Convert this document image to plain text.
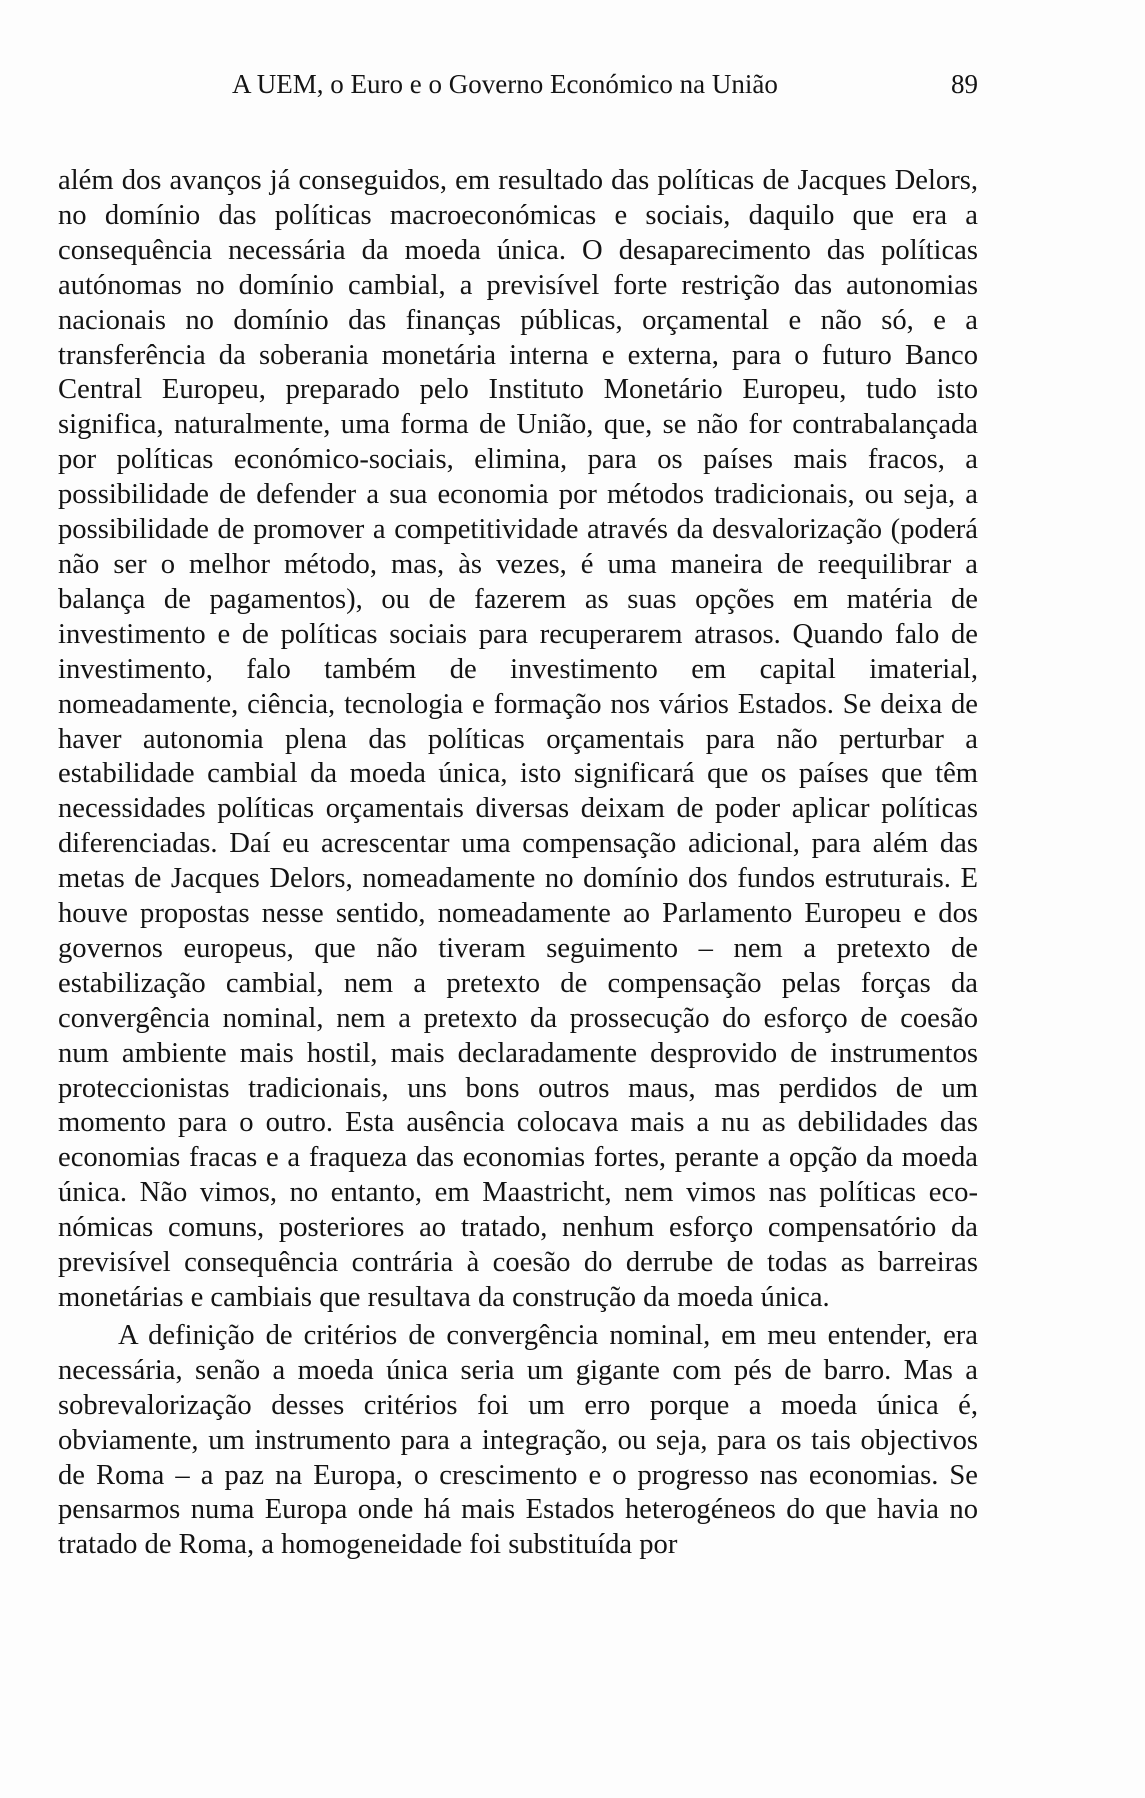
A UEM, o Euro e o Governo Económico na União	89

além dos avanços já conseguidos, em resultado das políticas de Jacques Delors, no domínio das políticas macroeconómicas e sociais, daquilo que era a consequência necessária da moeda única. O desaparecimento das políticas autónomas no domínio cambial, a previsível forte restrição das autonomias nacionais no domínio das finanças públicas, orçamental e não só, e a transferência da soberania monetária interna e externa, para o futuro Banco Central Europeu, preparado pelo Instituto Monetário Europeu, tudo isto significa, naturalmente, uma forma de União, que, se não for contrabalançada por políticas económico-sociais, elimina, para os países mais fracos, a possibilidade de defender a sua economia por métodos tradicionais, ou seja, a possibilidade de promover a competitividade através da desvalorização (poderá não ser o melhor método, mas, às vezes, é uma maneira de reequilibrar a balança de pagamentos), ou de fazerem as suas opções em matéria de investimento e de políticas sociais para recuperarem atrasos. Quando falo de investimento, falo também de investimento em capital imaterial, nomeadamente, ciência, tecnologia e formação nos vários Estados. Se deixa de haver autonomia plena das políticas orçamentais para não perturbar a estabilidade cambial da moeda única, isto significará que os países que têm necessidades políticas orçamentais diversas deixam de poder aplicar políticas diferenciadas. Daí eu acrescentar uma compensação adicional, para além das metas de Jacques Delors, nomeadamente no domínio dos fundos estruturais. E houve propostas nesse sentido, nomeadamente ao Parlamento Europeu e dos governos europeus, que não tiveram seguimento – nem a pretexto de estabilização cambial, nem a pretexto de compensação pelas forças da convergência nominal, nem a pretexto da prossecução do esforço de coesão num ambiente mais hostil, mais declaradamente desprovido de instrumentos proteccionistas tradicionais, uns bons outros maus, mas perdidos de um momento para o outro. Esta ausência colocava mais a nu as debilidades das economias fracas e a fraqueza das economias fortes, perante a opção da moeda única. Não vimos, no entanto, em Maastricht, nem vimos nas políticas económicas comuns, posteriores ao tratado, nenhum esforço compensatório da previsível consequência contrária à coesão do derrube de todas as barreiras monetárias e cambiais que resultava da construção da moeda única.

A definição de critérios de convergência nominal, em meu entender, era necessária, senão a moeda única seria um gigante com pés de barro. Mas a sobrevalorização desses critérios foi um erro porque a moeda única é, obviamente, um instrumento para a integração, ou seja, para os tais objectivos de Roma – a paz na Europa, o crescimento e o progresso nas economias. Se pensarmos numa Europa onde há mais Estados heterogéneos do que havia no tratado de Roma, a homogeneidade foi substituída por
